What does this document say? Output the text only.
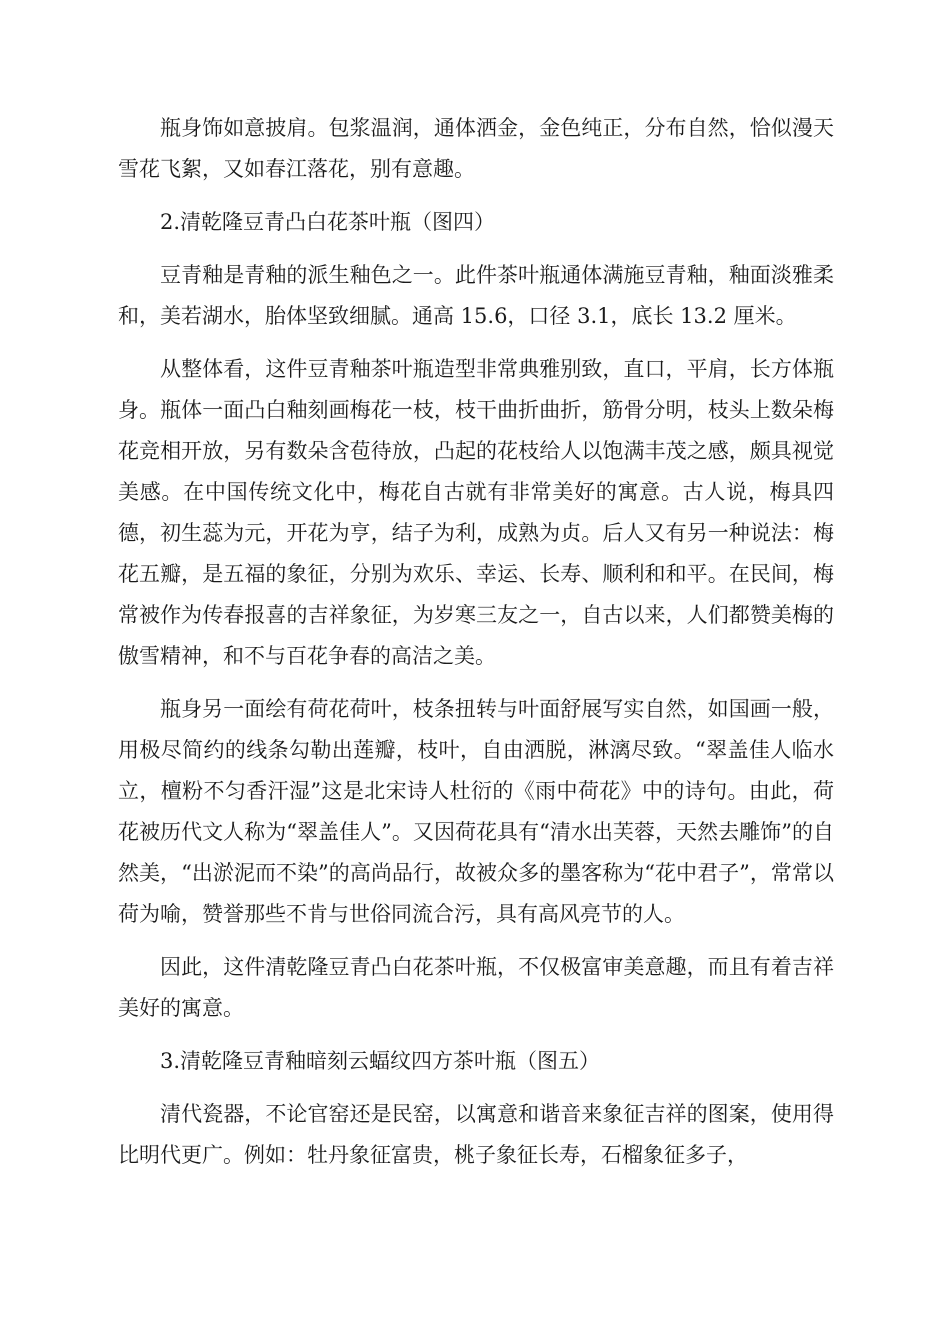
瓶身饰如意披肩。包浆温润，通体洒金，金色纯正，分布自然，恰似漫天雪花飞絮，又如春江落花，别有意趣。

2.清乾隆豆青凸白花茶叶瓶（图四）

豆青釉是青釉的派生釉色之一。此件茶叶瓶通体满施豆青釉，釉面淡雅柔和，美若湖水，胎体坚致细腻。通高 15.6，口径 3.1，底长 13.2 厘米。

从整体看，这件豆青釉茶叶瓶造型非常典雅别致，直口，平肩，长方体瓶身。瓶体一面凸白釉刻画梅花一枝，枝干曲折曲折，筋骨分明，枝头上数朵梅花竞相开放，另有数朵含苞待放，凸起的花枝给人以饱满丰茂之感，颇具视觉美感。在中国传统文化中，梅花自古就有非常美好的寓意。古人说，梅具四德，初生蕊为元，开花为亨，结子为利，成熟为贞。后人又有另一种说法：梅花五瓣，是五福的象征，分别为欢乐、幸运、长寿、顺利和和平。在民间，梅常被作为传春报喜的吉祥象征，为岁寒三友之一，自古以来，人们都赞美梅的傲雪精神，和不与百花争春的高洁之美。

瓶身另一面绘有荷花荷叶，枝条扭转与叶面舒展写实自然，如国画一般，用极尽简约的线条勾勒出莲瓣，枝叶，自由洒脱，淋漓尽致。“翠盖佳人临水立，檀粉不匀香汗湿”这是北宋诗人杜衍的《雨中荷花》中的诗句。由此，荷花被历代文人称为“翠盖佳人”。又因荷花具有“清水出芙蓉，天然去雕饰”的自然美，“出淤泥而不染”的高尚品行，故被众多的墨客称为“花中君子”，常常以荷为喻，赞誉那些不肯与世俗同流合污，具有高风亮节的人。

因此，这件清乾隆豆青凸白花茶叶瓶，不仅极富审美意趣，而且有着吉祥美好的寓意。

3.清乾隆豆青釉暗刻云蝠纹四方茶叶瓶（图五）

清代瓷器，不论官窑还是民窑，以寓意和谐音来象征吉祥的图案，使用得比明代更广。例如：牡丹象征富贵，桃子象征长寿，石榴象征多子，
